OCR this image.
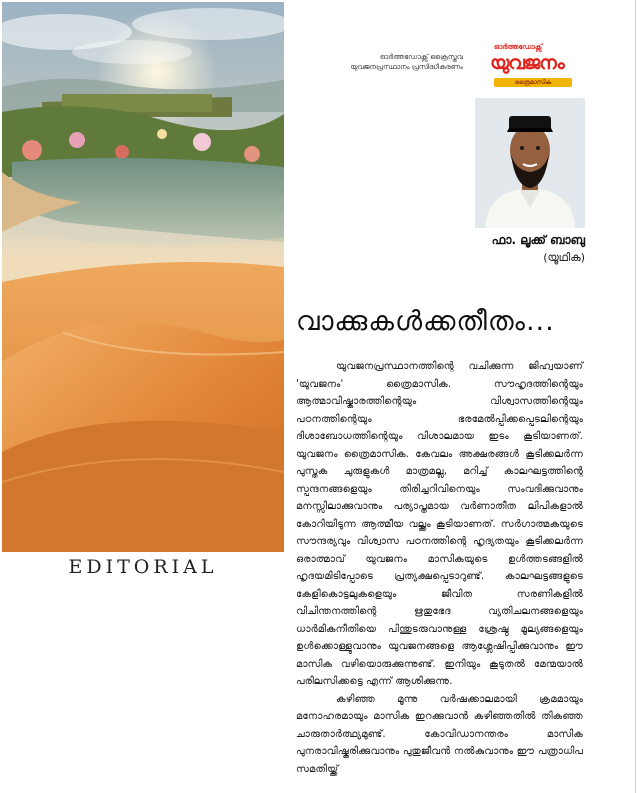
EDITORIAL
ഓർത്തഡോക്സ് ക്രൈസ്തവ
യുവജനപ്രസ്ഥാനം പ്രസിദ്ധീകരണം
ഓർത്തഡോക്സ്
യുവജനം
ത്രൈമാസിക
ഫാ. ലൂക്ക് ബാബു
(യൂഥിക)
വാക്കുകൾക്കതീതം...

യുവജനപ്രസ്ഥാനത്തിന്റെ വചിക്കുന്ന ജിഹ്വയാണ് 'യുവജനം' ത്രൈമാസിക. സൗഹൃദത്തിന്റെയും ആത്മാവിഷ്കാരത്തിന്റെയും വിശ്വാസത്തിന്റെയും പഠനത്തിന്റെയും ഭരമേൽപ്പിക്കപ്പെടലിന്റെയും ദിശാബോധത്തിന്റെയും വിശാലമായ ഇടം കൂടിയാണത്. യുവജനം ത്രൈമാസിക. കേവലം അക്ഷരങ്ങൾ കൂടിക്കലർന്ന പുസ്തക ചുരുളുകൾ മാത്രമല്ല, മറിച്ച് കാലഘട്ടത്തിന്റെ സ്പന്ദനങ്ങളെയും തിരിച്ചറിവിനെയും സംവദിക്കുവാനും മനസ്സിലാക്കുവാനും പര്യാപ്തമായ വർണാതീത ലിപികളാൽ കോറിയിടുന്ന ആത്മീയ വല്ക്കം കൂടിയാണത്. സർഗാത്മകയുടെ സൗന്ദര്യവും വിശ്വാസ പഠനത്തിന്റെ ഹൃദ്യതയും കൂടിക്കലർന്ന ഒരാത്മാവ് യുവജനം മാസികയുടെ ഉൾത്തടങ്ങളിൽ ഹൃദയമിടിപ്പോടെ പ്രത്യക്ഷപ്പെടാറുണ്ട്. കാലഘട്ടങ്ങളുടെ കേളികൊട്ടലുകളെയും ജീവിത സരണികളിൽ വിചിന്തനത്തിന്റെ ഋതുഭേദ വ്യതിചലനങ്ങളെയും ധാർമികനീതിയെ പിന്തുടരുവാനുള്ള ശ്രേഷ്ഠ മൂല്യങ്ങളെയും ഉൾക്കൊള്ളുവാനും യുവജനങ്ങളെ ആശ്ലേഷിപ്പിക്കുവാനും ഈ മാസിക വഴിയൊരുക്കുന്നുണ്ട്. ഇനിയും കൂടുതൽ മേന്മയാൽ പരിലസിക്കട്ടെ എന്ന് ആശിക്കുന്നു.

കഴിഞ്ഞ മൂന്നു വർഷക്കാലമായി ക്രമമായും മനോഹരമായും മാസിക ഇറക്കുവാൻ കഴിഞ്ഞതിൽ തികഞ്ഞ ചാരുതാർത്ഥ്യമുണ്ട്. കോവിഡാനന്തരം മാസിക പുനരാവിഷ്കരിക്കുവാനും പുതുജീവൻ നൽകുവാനും ഈ പത്രാധിപ സമതിയ്ക്ക്
